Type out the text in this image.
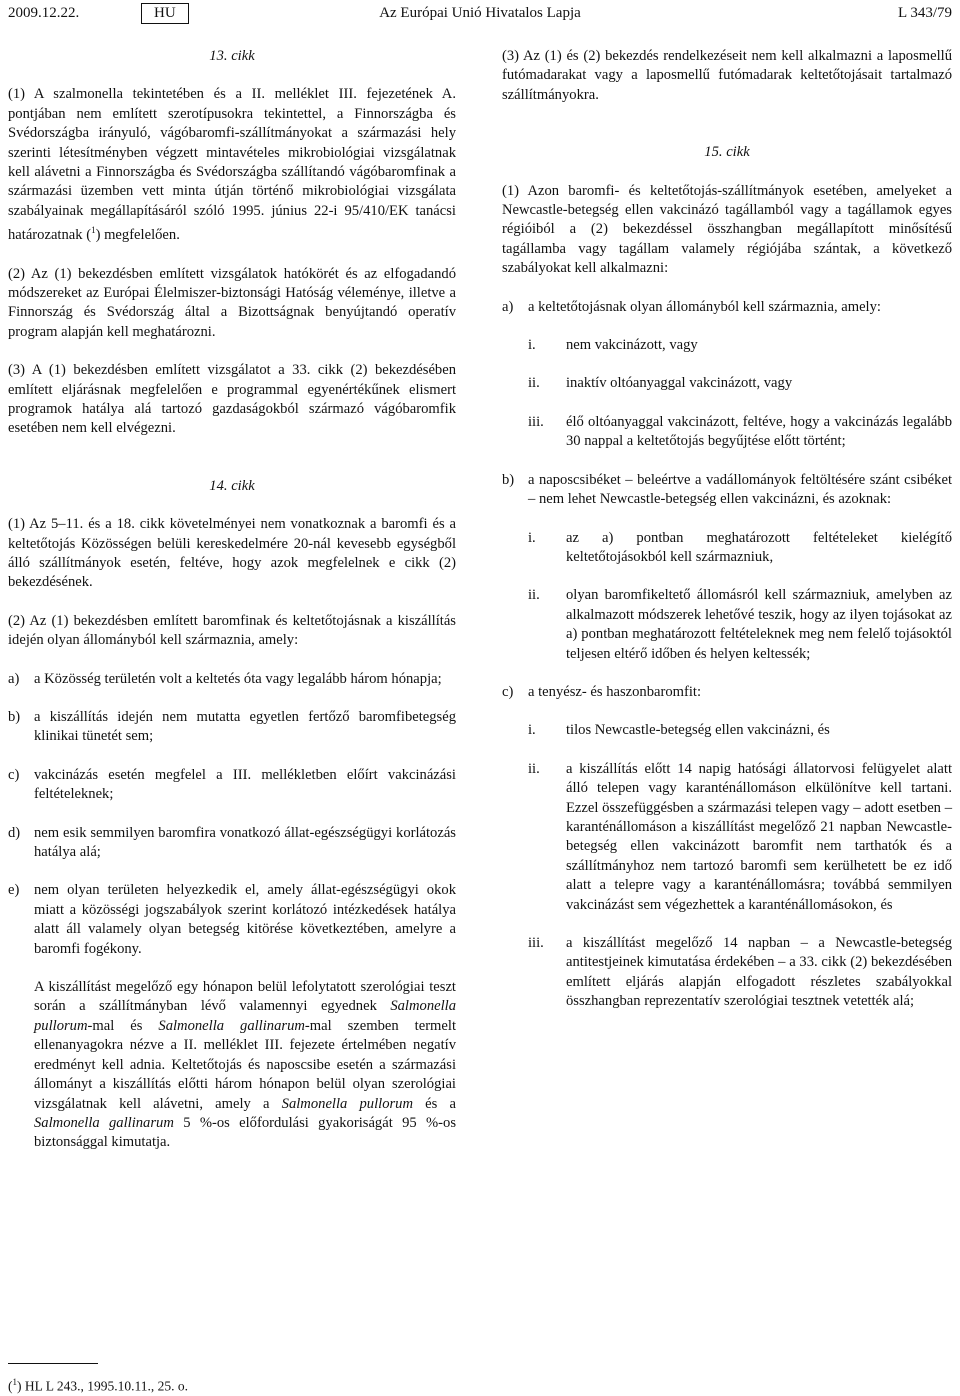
2009.12.22.	HU	Az Európai Unió Hivatalos Lapja	L 343/79

13. cikk

(1) A szalmonella tekintetében és a II. melléklet III. fejezetének A. pontjában nem említett szerotípusokra tekintettel, a Finnországba és Svédországba irányuló, vágóbaromfi-szállítmányokat a származási hely szerinti létesítményben végzett mintavételes mikrobiológiai vizsgálatnak kell alávetni a Finnországba és Svédországba szállítandó vágóbaromfinak a származási üzemben vett minta útján történő mikrobiológiai vizsgálata szabályainak megállapításáról szóló 1995. június 22-i 95/410/EK tanácsi határozatnak ($^1$) megfelelően.

(2) Az (1) bekezdésben említett vizsgálatok hatókörét és az elfogadandó módszereket az Európai Élelmiszer-biztonsági Hatóság véleménye, illetve a Finnország és Svédország által a Bizottságnak benyújtandó operatív program alapján kell meghatározni.

(3) A (1) bekezdésben említett vizsgálatot a 33. cikk (2) bekezdésében említett eljárásnak megfelelően e programmal egyenértékűnek elismert programok hatálya alá tartozó gazdaságokból származó vágóbaromfik esetében nem kell elvégezni.

14. cikk

(1) Az 5–11. és a 18. cikk követelményei nem vonatkoznak a baromfi és a keltetőtojás Közösségen belüli kereskedelmére 20-nál kevesebb egységből álló szállítmányok esetén, feltéve, hogy azok megfelelnek e cikk (2) bekezdésének.

(2) Az (1) bekezdésben említett baromfinak és keltetőtojásnak a kiszállítás idején olyan állományból kell származnia, amely:

a)	a Közösség területén volt a keltetés óta vagy legalább három hónapja;
b) a kiszállítás idején nem mutatta egyetlen fertőző baromfibetegség klinikai tünetét sem;
c)	vakcinázás esetén megfelel a III. mellékletben előírt vakcinázási feltételeknek;
d) nem esik semmilyen baromfira vonatkozó állat-egészségügyi korlátozás hatálya alá;
e)	nem olyan területen helyezkedik el, amely állat-egészségügyi okok miatt a közösségi jogszabályok szerint korlátozó intézkedések hatálya alatt áll valamely olyan betegség kitörése következtében, amelyre a baromfi fogékony.

A kiszállítást megelőző egy hónapon belül lefolytatott szerológiai teszt során a szállítmányban lévő valamennyi egyednek Salmonella pullorum-mal és Salmonella gallinarum-mal szemben termelt ellenanyagokra nézve a II. melléklet III. fejezete értelmében negatív eredményt kell adnia. Keltetőtojás és naposcsibe esetén a származási állományt a kiszállítás előtti három hónapon belül olyan szerológiai vizsgálatnak kell alávetni, amely a Salmonella pullorum és a Salmonella gallinarum 5 %-os előfordulási gyakoriságát 95 %-os biztonsággal kimutatja.

(3) Az (1) és (2) bekezdés rendelkezéseit nem kell alkalmazni a laposmellű futómadarakat vagy a laposmellű futómadarak keltetőtojásait tartalmazó szállítmányokra.

15. cikk

(1) Azon baromfi- és keltetőtojás-szállítmányok esetében, amelyeket a Newcastle-betegség ellen vakcinázó tagállamból vagy a tagállamok egyes régióiból a (2) bekezdéssel összhangban megállapított minősítésű tagállamba vagy tagállam valamely régiójába szántak, a következő szabályokat kell alkalmazni:

a)	a keltetőtojásnak olyan állományból kell származnia, amely:
i.	nem vakcinázott, vagy
ii.	inaktív oltóanyaggal vakcinázott, vagy
iii.	élő oltóanyaggal vakcinázott, feltéve, hogy a vakcinázás legalább 30 nappal a keltetőtojás begyűjtése előtt történt;
b) a naposcsibéket – beleértve a vadállományok feltöltésére szánt csibéket – nem lehet Newcastle-betegség ellen vakcinázni, és azoknak:
i.	az a) pontban meghatározott feltételeket kielégítő keltetőtojásokból kell származniuk,
ii.	olyan baromfikeltető állomásról kell származniuk, amelyben az alkalmazott módszerek lehetővé teszik, hogy az ilyen tojásokat az a) pontban meghatározott feltételeknek meg nem felelő tojásoktól teljesen eltérő időben és helyen keltessék;
c)	a tenyész- és haszonbaromfit:
i.	tilos Newcastle-betegség ellen vakcinázni, és
ii.	a kiszállítás előtt 14 napig hatósági állatorvosi felügyelet alatt álló telepen vagy karanténállomáson elkülönítve kell tartani. Ezzel összefüggésben a származási telepen vagy – adott esetben – karanténállomáson a kiszállítást megelőző 21 napban Newcastle-betegség ellen vakcinázott baromfit nem tarthatók és a szállítmányhoz nem tartozó baromfi sem kerülhetett be ez idő alatt a telepre vagy a karanténállomásra; továbbá semmilyen vakcinázást sem végezhettek a karanténállomásokon, és
iii.	a kiszállítást megelőző 14 napban – a Newcastle-betegség antitestjeinek kimutatása érdekében – a 33. cikk (2) bekezdésében említett eljárás alapján elfogadott részletes szabályokkal összhangban reprezentatív szerológiai tesztnek vetették alá;
($^1$) HL L 243., 1995.10.11., 25. o.
